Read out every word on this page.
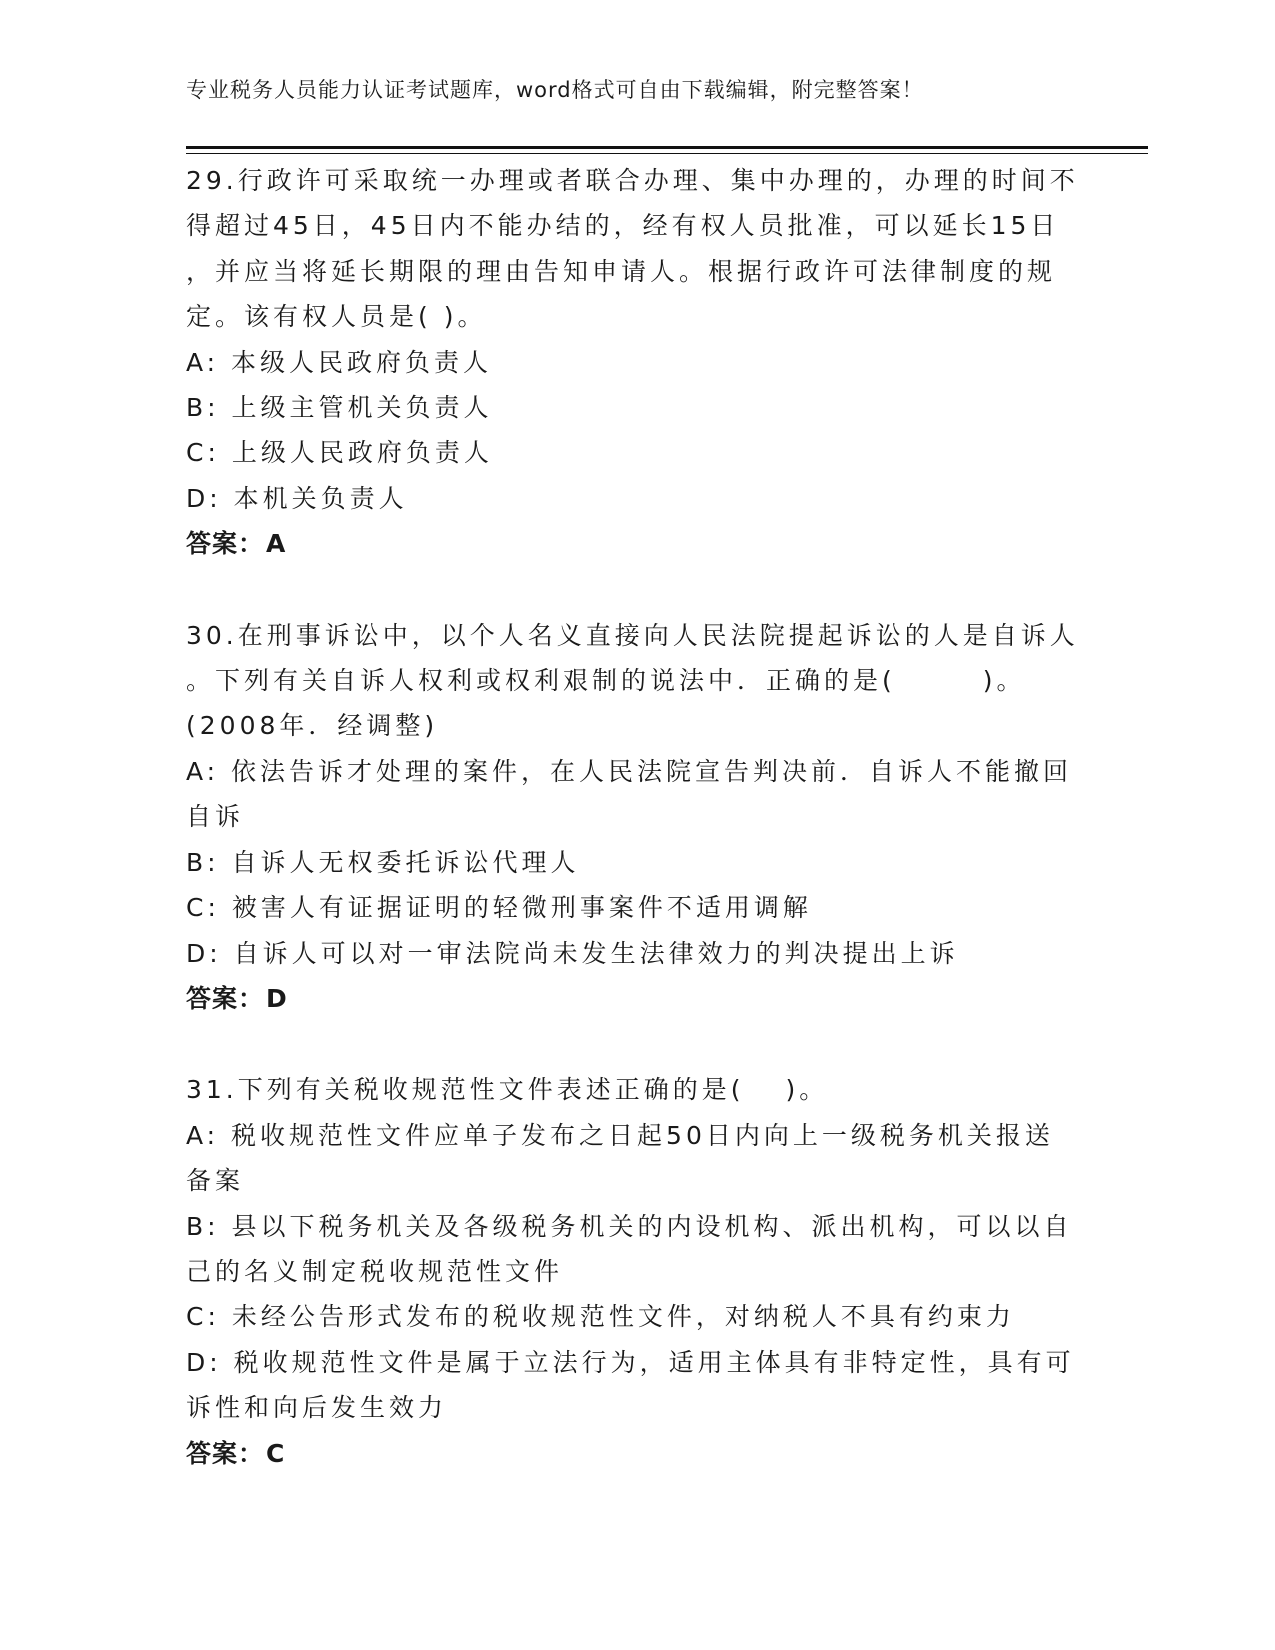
专业税务人员能力认证考试题库，word格式可自由下载编辑，附完整答案！
29.行政许可采取统一办理或者联合办理、集中办理的，办理的时间不
得超过45日，45日内不能办结的，经有权人员批准，可以延长15日
，并应当将延长期限的理由告知申请人。根据行政许可法律制度的规
定。该有权人员是( )。
A: 本级人民政府负责人
B: 上级主管机关负责人
C: 上级人民政府负责人
D: 本机关负责人
答案：A
30.在刑事诉讼中，以个人名义直接向人民法院提起诉讼的人是自诉人
。下列有关自诉人权利或权利艰制的说法中．正确的是(　　　)。
(2008年．经调整)
A: 依法告诉才处理的案件，在人民法院宣告判决前．自诉人不能撤回
自诉
B: 自诉人无权委托诉讼代理人
C: 被害人有证据证明的轻微刑事案件不适用调解
D: 自诉人可以对一审法院尚未发生法律效力的判决提出上诉
答案：D
31.下列有关税收规范性文件表述正确的是(　 )。
A: 税收规范性文件应单子发布之日起50日内向上一级税务机关报送
备案
B: 县以下税务机关及各级税务机关的内设机构、派出机构，可以以自
己的名义制定税收规范性文件
C: 未经公告形式发布的税收规范性文件，对纳税人不具有约束力
D: 税收规范性文件是属于立法行为，适用主体具有非特定性，具有可
诉性和向后发生效力
答案：C
